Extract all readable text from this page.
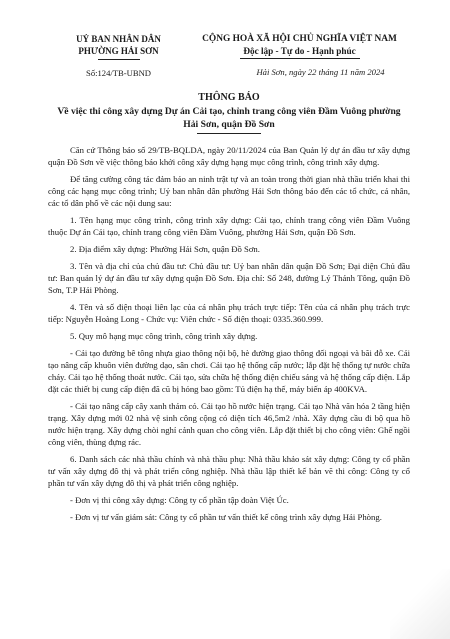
UỶ BAN NHÂN DÂN
PHƯỜNG HẢI SƠN
Số:124/TB-UBND
CỘNG HOÀ XÃ HỘI CHỦ NGHĨA VIỆT NAM
Độc lập - Tự do - Hạnh phúc
Hải Sơn, ngày 22 tháng 11 năm 2024
THÔNG BÁO
Về việc thi công xây dựng Dự án Cải tạo, chỉnh trang công viên Đầm Vuông phường Hải Sơn, quận Đồ Sơn

Căn cứ Thông báo số 29/TB-BQLDA, ngày 20/11/2024 của Ban Quản lý dự án đầu tư xây dựng quận Đồ Sơn về việc thông báo khởi công xây dựng hạng mục công trình, công trình xây dựng.

Để tăng cường công tác đảm bảo an ninh trật tự và an toàn trong thời gian nhà thầu triển khai thi công các hạng mục công trình; Uỷ ban nhân dân phường Hải Sơn thông báo đến các tổ chức, cá nhân, các tổ dân phố về các nội dung sau:

1. Tên hạng mục công trình, công trình xây dựng: Cải tạo, chỉnh trang công viên Đầm Vuông thuộc Dự án Cải tạo, chỉnh trang công viên Đầm Vuông, phường Hải Sơn, quận Đồ Sơn.

2. Địa điểm xây dựng: Phường Hải Sơn, quận Đồ Sơn.

3. Tên và địa chỉ của chủ đầu tư: Chủ đầu tư: Uỷ ban nhân dân quận Đồ Sơn; Đại diện Chủ đầu tư: Ban quản lý dự án đầu tư xây dựng quận Đồ Sơn. Địa chỉ: Số 248, đường Lý Thánh Tông, quận Đồ Sơn, T.P Hải Phòng.

4. Tên và số điện thoại liên lạc của cá nhân phụ trách trực tiếp: Tên của cá nhân phụ trách trực tiếp: Nguyễn Hoàng Long - Chức vụ: Viên chức - Số điện thoại: 0335.360.999.

5. Quy mô hạng mục công trình, công trình xây dựng.

- Cải tạo đường bê tông nhựa giao thông nội bộ, hè đường giao thông đối ngoại và bãi đỗ xe. Cải tạo nâng cấp khuôn viên đường dạo, sân chơi. Cải tạo hệ thống cấp nước; lắp đặt hệ thống tự nước chữa cháy. Cải tạo hệ thống thoát nước. Cải tạo, sửa chữa hệ thống điện chiếu sáng và hệ thống cấp điện. Lắp đặt các thiết bị cung cấp điện đã cũ bị hỏng bao gồm: Tủ điện hạ thế, máy biến áp 400KVA.

- Cải tạo nâng cấp cây xanh thảm cỏ. Cải tạo hồ nước hiện trạng. Cải tạo Nhà văn hóa 2 tầng hiện trạng. Xây dựng mới 02 nhà vệ sinh công cộng có diện tích 46,5m2 /nhà. Xây dựng cầu đi bộ qua hồ nước hiện trạng. Xây dựng chòi nghỉ cảnh quan cho công viên. Lắp đặt thiết bị cho công viên: Ghế ngồi công viên, thùng đựng rác.

6. Danh sách các nhà thầu chính và nhà thầu phụ: Nhà thầu khảo sát xây dựng: Công ty cổ phần tư vấn xây dựng đô thị và phát triển công nghiệp. Nhà thầu lập thiết kế bản vẽ thi công: Công ty cổ phần tư vấn xây dựng đô thị và phát triển công nghiệp.

- Đơn vị thi công xây dựng: Công ty cổ phần tập đoàn Việt Úc.

- Đơn vị tư vấn giám sát: Công ty cổ phần tư vấn thiết kế công trình xây dựng Hải Phòng.
